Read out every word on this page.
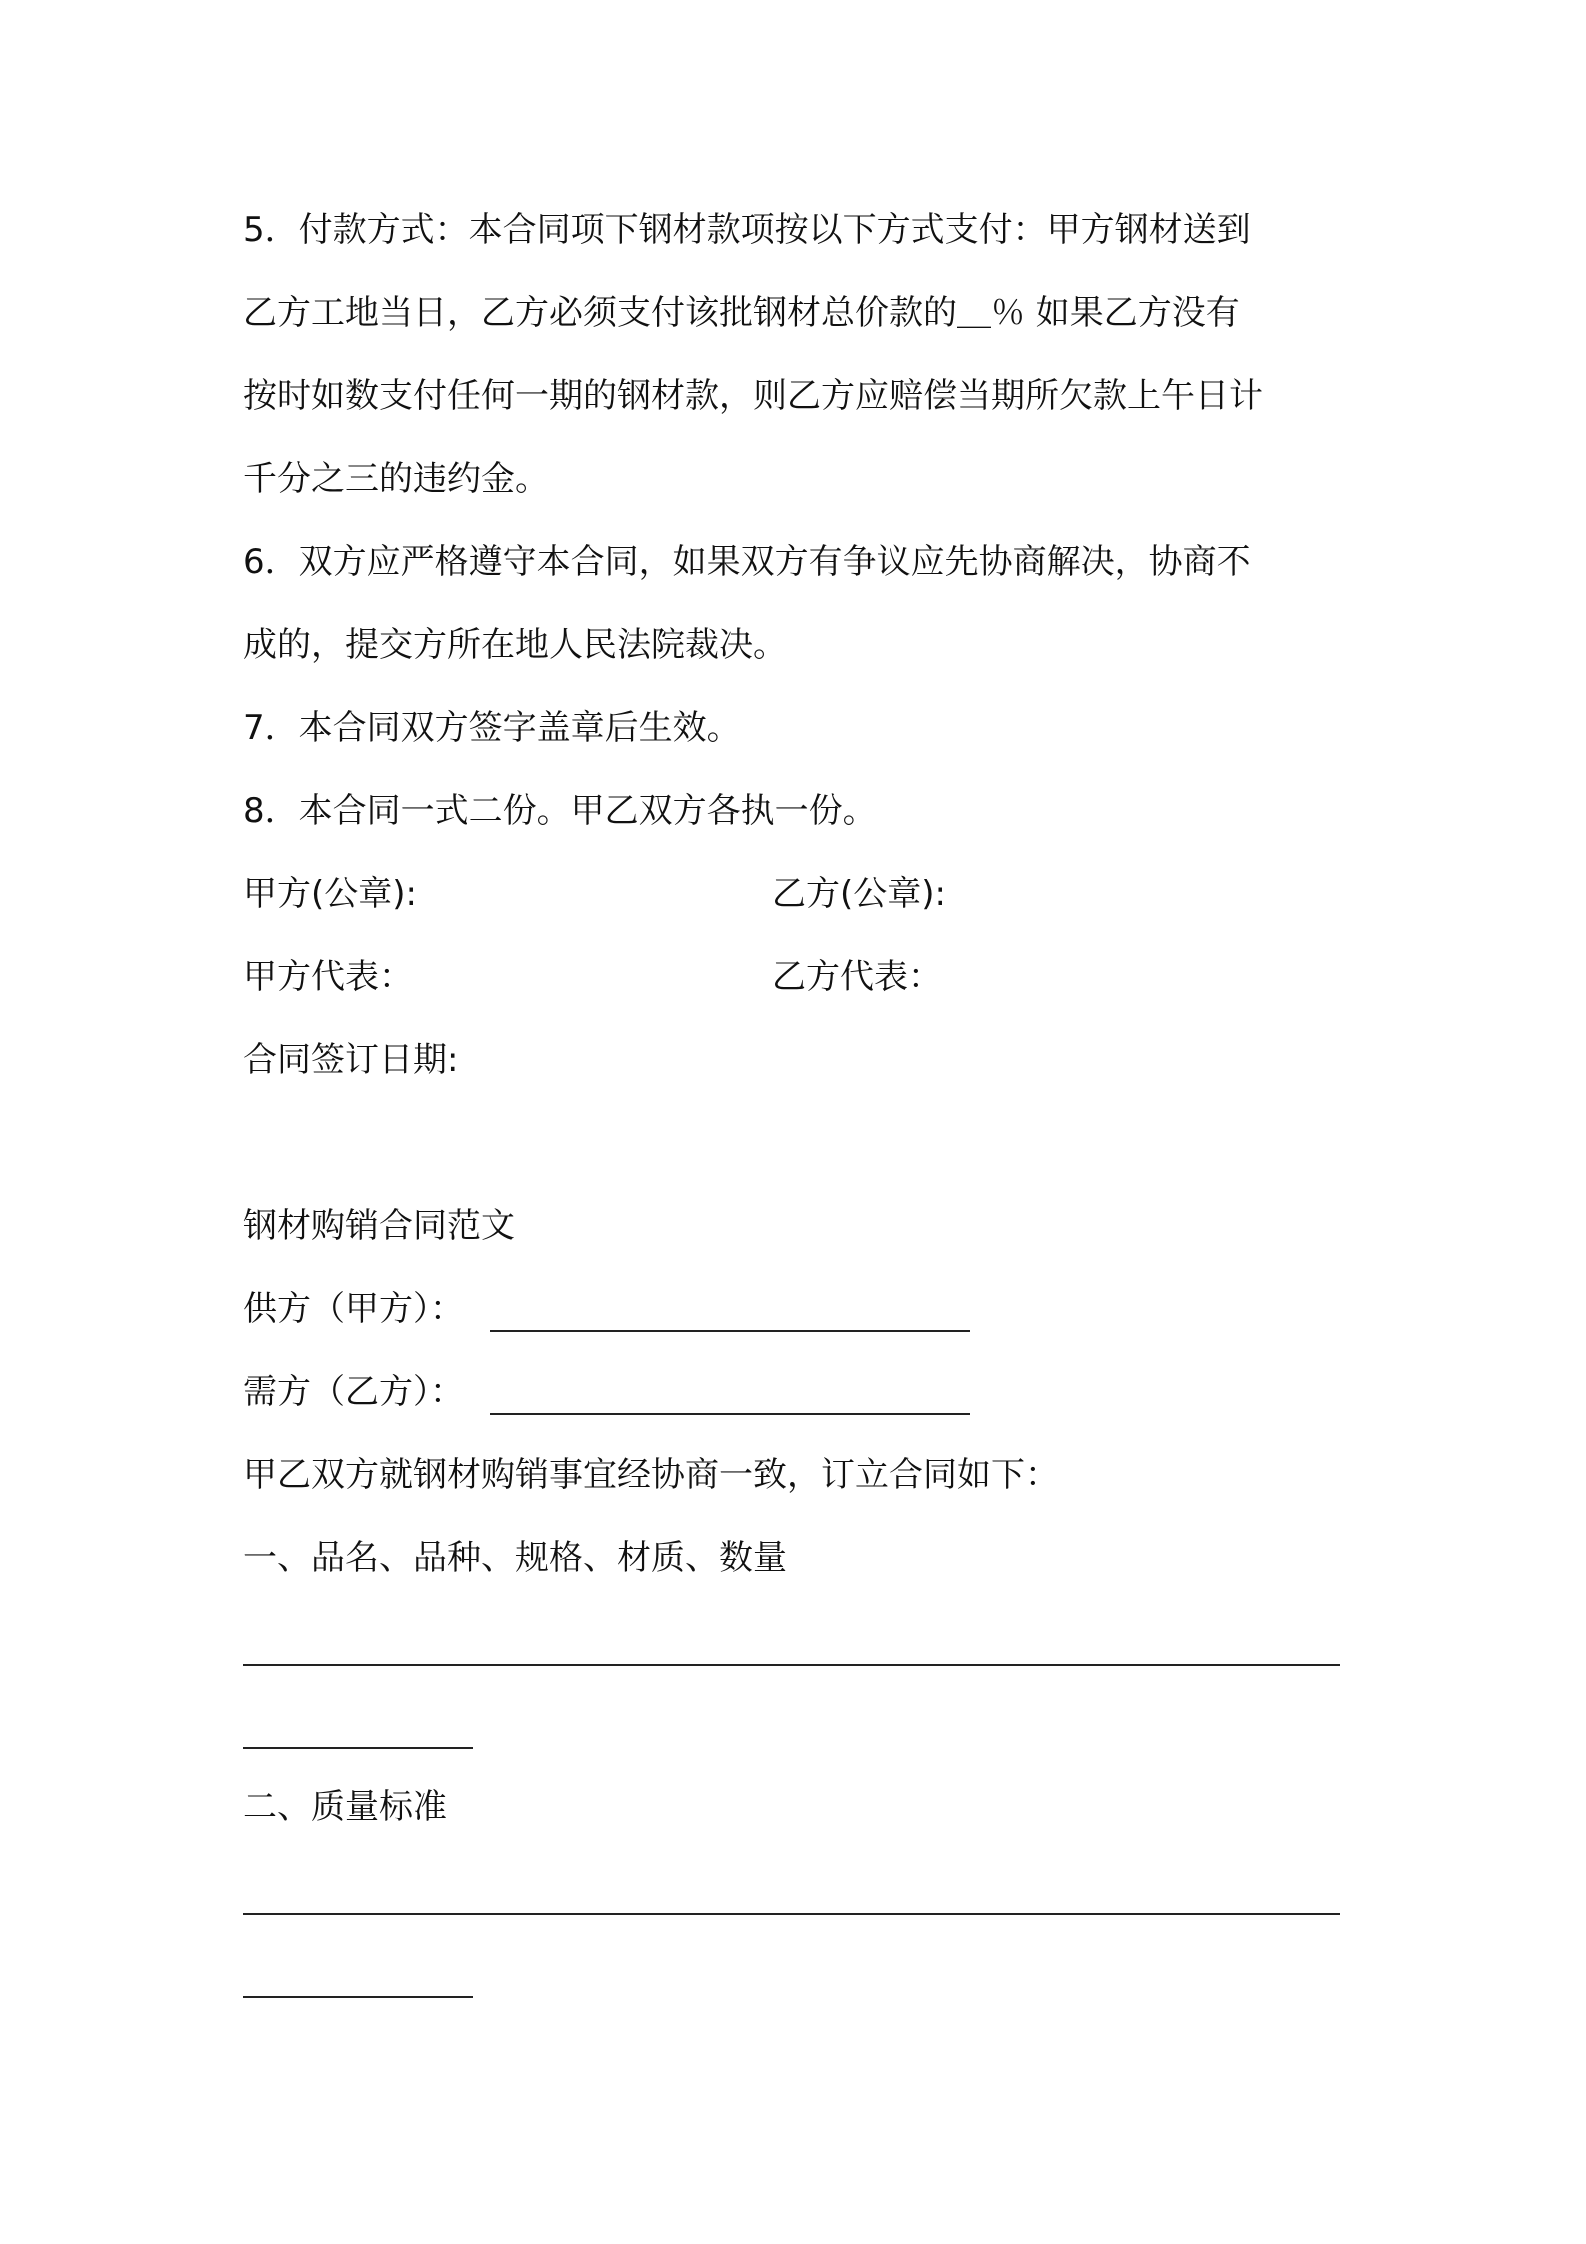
5．付款方式：本合同项下钢材款项按以下方式支付：甲方钢材送到
乙方工地当日，乙方必须支付该批钢材总价款的＿％ 如果乙方没有
按时如数支付任何一期的钢材款，则乙方应赔偿当期所欠款上午日计
千分之三的违约金。
6．双方应严格遵守本合同，如果双方有争议应先协商解决，协商不
成的，提交方所在地人民法院裁决。
7．本合同双方签字盖章后生效。
8．本合同一式二份。甲乙双方各执一份。
甲方(公章):	乙方(公章):
甲方代表：	乙方代表：
合同签订日期:
钢材购销合同范文
供方（甲方）：
需方（乙方）：
甲乙双方就钢材购销事宜经协商一致，订立合同如下：
一、品名、品种、规格、材质、数量
二、质量标准
